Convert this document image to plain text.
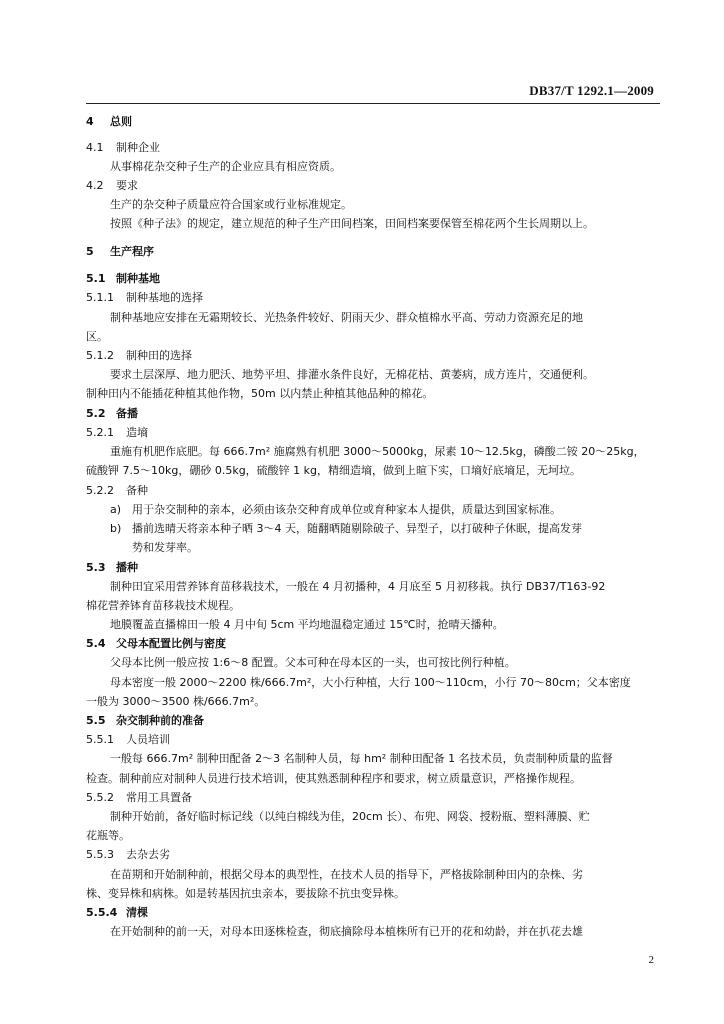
DB37/T 1292.1—2009
4 总则
4.1 制种企业
从事棉花杂交种子生产的企业应具有相应资质。
4.2 要求
生产的杂交种子质量应符合国家或行业标准规定。
按照《种子法》的规定，建立规范的种子生产田间档案，田间档案要保管至棉花两个生长周期以上。
5 生产程序
5.1 制种基地
5.1.1 制种基地的选择
制种基地应安排在无霜期较长、光热条件较好、阴雨天少、群众植棉水平高、劳动力资源充足的地
区。
5.1.2 制种田的选择
要求土层深厚、地力肥沃、地势平坦、排灌水条件良好，无棉花枯、黄萎病，成方连片，交通便利。
制种田内不能插花种植其他作物，50m 以内禁止种植其他品种的棉花。
5.2 备播
5.2.1 造墒
重施有机肥作底肥。每 666.7m² 施腐熟有机肥 3000～5000kg，尿素 10～12.5kg，磷酸二铵 20～25kg，
硫酸钾 7.5～10kg，硼砂 0.5kg，硫酸锌 1 kg，精细造墒，做到上暄下实，口墒好底墒足，无坷垃。
5.2.2 备种
a) 用于杂交制种的亲本，必须由该杂交种育成单位或育种家本人提供，质量达到国家标准。
b) 播前选晴天将亲本种子晒 3～4 天，随翻晒随剔除破子、异型子，以打破种子休眠，提高发芽
势和发芽率。
5.3 播种
制种田宜采用营养钵育苗移栽技术，一般在 4 月初播种，4 月底至 5 月初移栽。执行 DB37/T163-92
棉花营养钵育苗移栽技术规程。
地膜覆盖直播棉田一般 4 月中旬 5cm 平均地温稳定通过 15℃时，抢晴天播种。
5.4 父母本配置比例与密度
父母本比例一般应按 1:6～8 配置。父本可种在母本区的一头，也可按比例行种植。
母本密度一般 2000～2200 株/666.7m²，大小行种植，大行 100～110cm，小行 70～80cm；父本密度
一般为 3000～3500 株/666.7m²。
5.5 杂交制种前的准备
5.5.1 人员培训
一般每 666.7m² 制种田配备 2～3 名制种人员，每 hm² 制种田配备 1 名技术员，负责制种质量的监督
检查。制种前应对制种人员进行技术培训，使其熟悉制种程序和要求，树立质量意识，严格操作规程。
5.5.2 常用工具置备
制种开始前，备好临时标记线（以纯白棉线为佳，20cm 长）、布兜、网袋、授粉瓶、塑料薄膜、贮
花瓶等。
5.5.3 去杂去劣
在苗期和开始制种前，根据父母本的典型性，在技术人员的指导下，严格拔除制种田内的杂株、劣
株、变异株和病株。如是转基因抗虫亲本，要拔除不抗虫变异株。
5.5.4 清棵
在开始制种的前一天，对母本田逐株检查，彻底摘除母本植株所有已开的花和幼龄，并在扒花去雄
2
